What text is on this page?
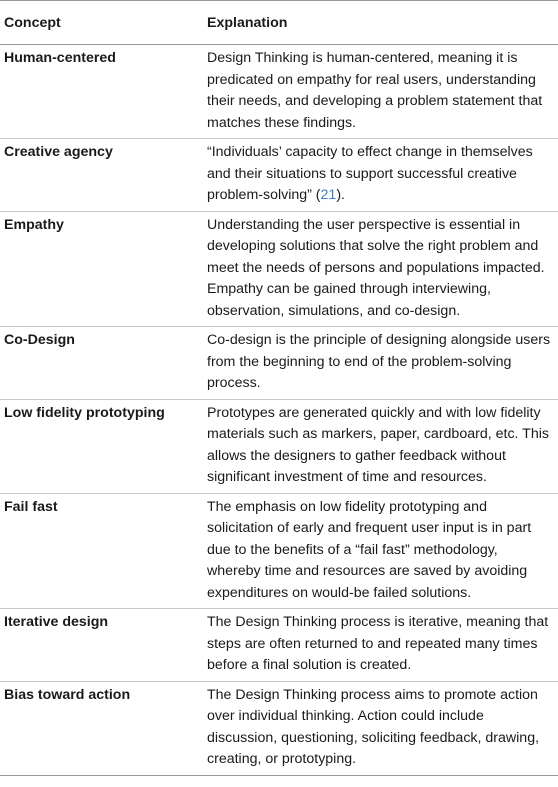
Concept	Explanation
Human-centered	Design Thinking is human-centered, meaning it is predicated on empathy for real users, understanding their needs, and developing a problem statement that matches these findings.
Creative agency	“Individuals’ capacity to effect change in themselves and their situations to support successful creative problem-solving” (21).
Empathy	Understanding the user perspective is essential in developing solutions that solve the right problem and meet the needs of persons and populations impacted. Empathy can be gained through interviewing, observation, simulations, and co-design.
Co-Design	Co-design is the principle of designing alongside users from the beginning to end of the problem-solving process.
Low fidelity prototyping	Prototypes are generated quickly and with low fidelity materials such as markers, paper, cardboard, etc. This allows the designers to gather feedback without significant investment of time and resources.
Fail fast	The emphasis on low fidelity prototyping and solicitation of early and frequent user input is in part due to the benefits of a “fail fast” methodology, whereby time and resources are saved by avoiding expenditures on would-be failed solutions.
Iterative design	The Design Thinking process is iterative, meaning that steps are often returned to and repeated many times before a final solution is created.
Bias toward action	The Design Thinking process aims to promote action over individual thinking. Action could include discussion, questioning, soliciting feedback, drawing, creating, or prototyping.
